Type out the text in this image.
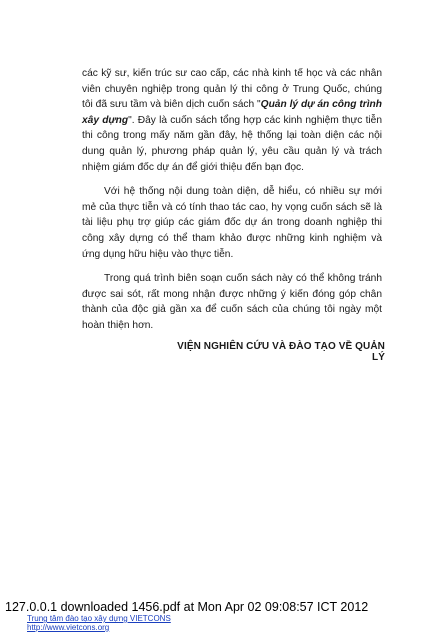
các kỹ sư, kiến trúc sư cao cấp, các nhà kinh tế học và các nhân viên chuyên nghiệp trong quản lý thi công ở Trung Quốc, chúng tôi đã sưu tầm và biên dịch cuốn sách "Quản lý dự án công trình xây dựng". Đây là cuốn sách tổng hợp các kinh nghiệm thực tiễn thi công trong mấy năm gần đây, hệ thống lại toàn diện các nội dung quản lý, phương pháp quản lý, yêu cầu quản lý và trách nhiệm giám đốc dự án để giới thiệu đến bạn đọc.

Với hệ thống nội dung toàn diện, dễ hiểu, có nhiều sự mới mẻ của thực tiễn và có tính thao tác cao, hy vọng cuốn sách sẽ là tài liệu phụ trợ giúp các giám đốc dự án trong doanh nghiệp thi công xây dựng có thể tham khảo được những kinh nghiệm và ứng dụng hữu hiệu vào thực tiễn.

Trong quá trình biên soạn cuốn sách này có thể không tránh được sai sót, rất mong nhận được những ý kiến đóng góp chân thành của độc giả gần xa để cuốn sách của chúng tôi ngày một hoàn thiện hơn.

VIỆN NGHIÊN CỨU VÀ ĐÀO TẠO VỀ QUẢN LÝ
127.0.0.1 downloaded 1456.pdf at Mon Apr 02 09:08:57 ICT 2012
Trung tâm đào tạo xây dựng VIETCONS
http://www.vietcons.org
